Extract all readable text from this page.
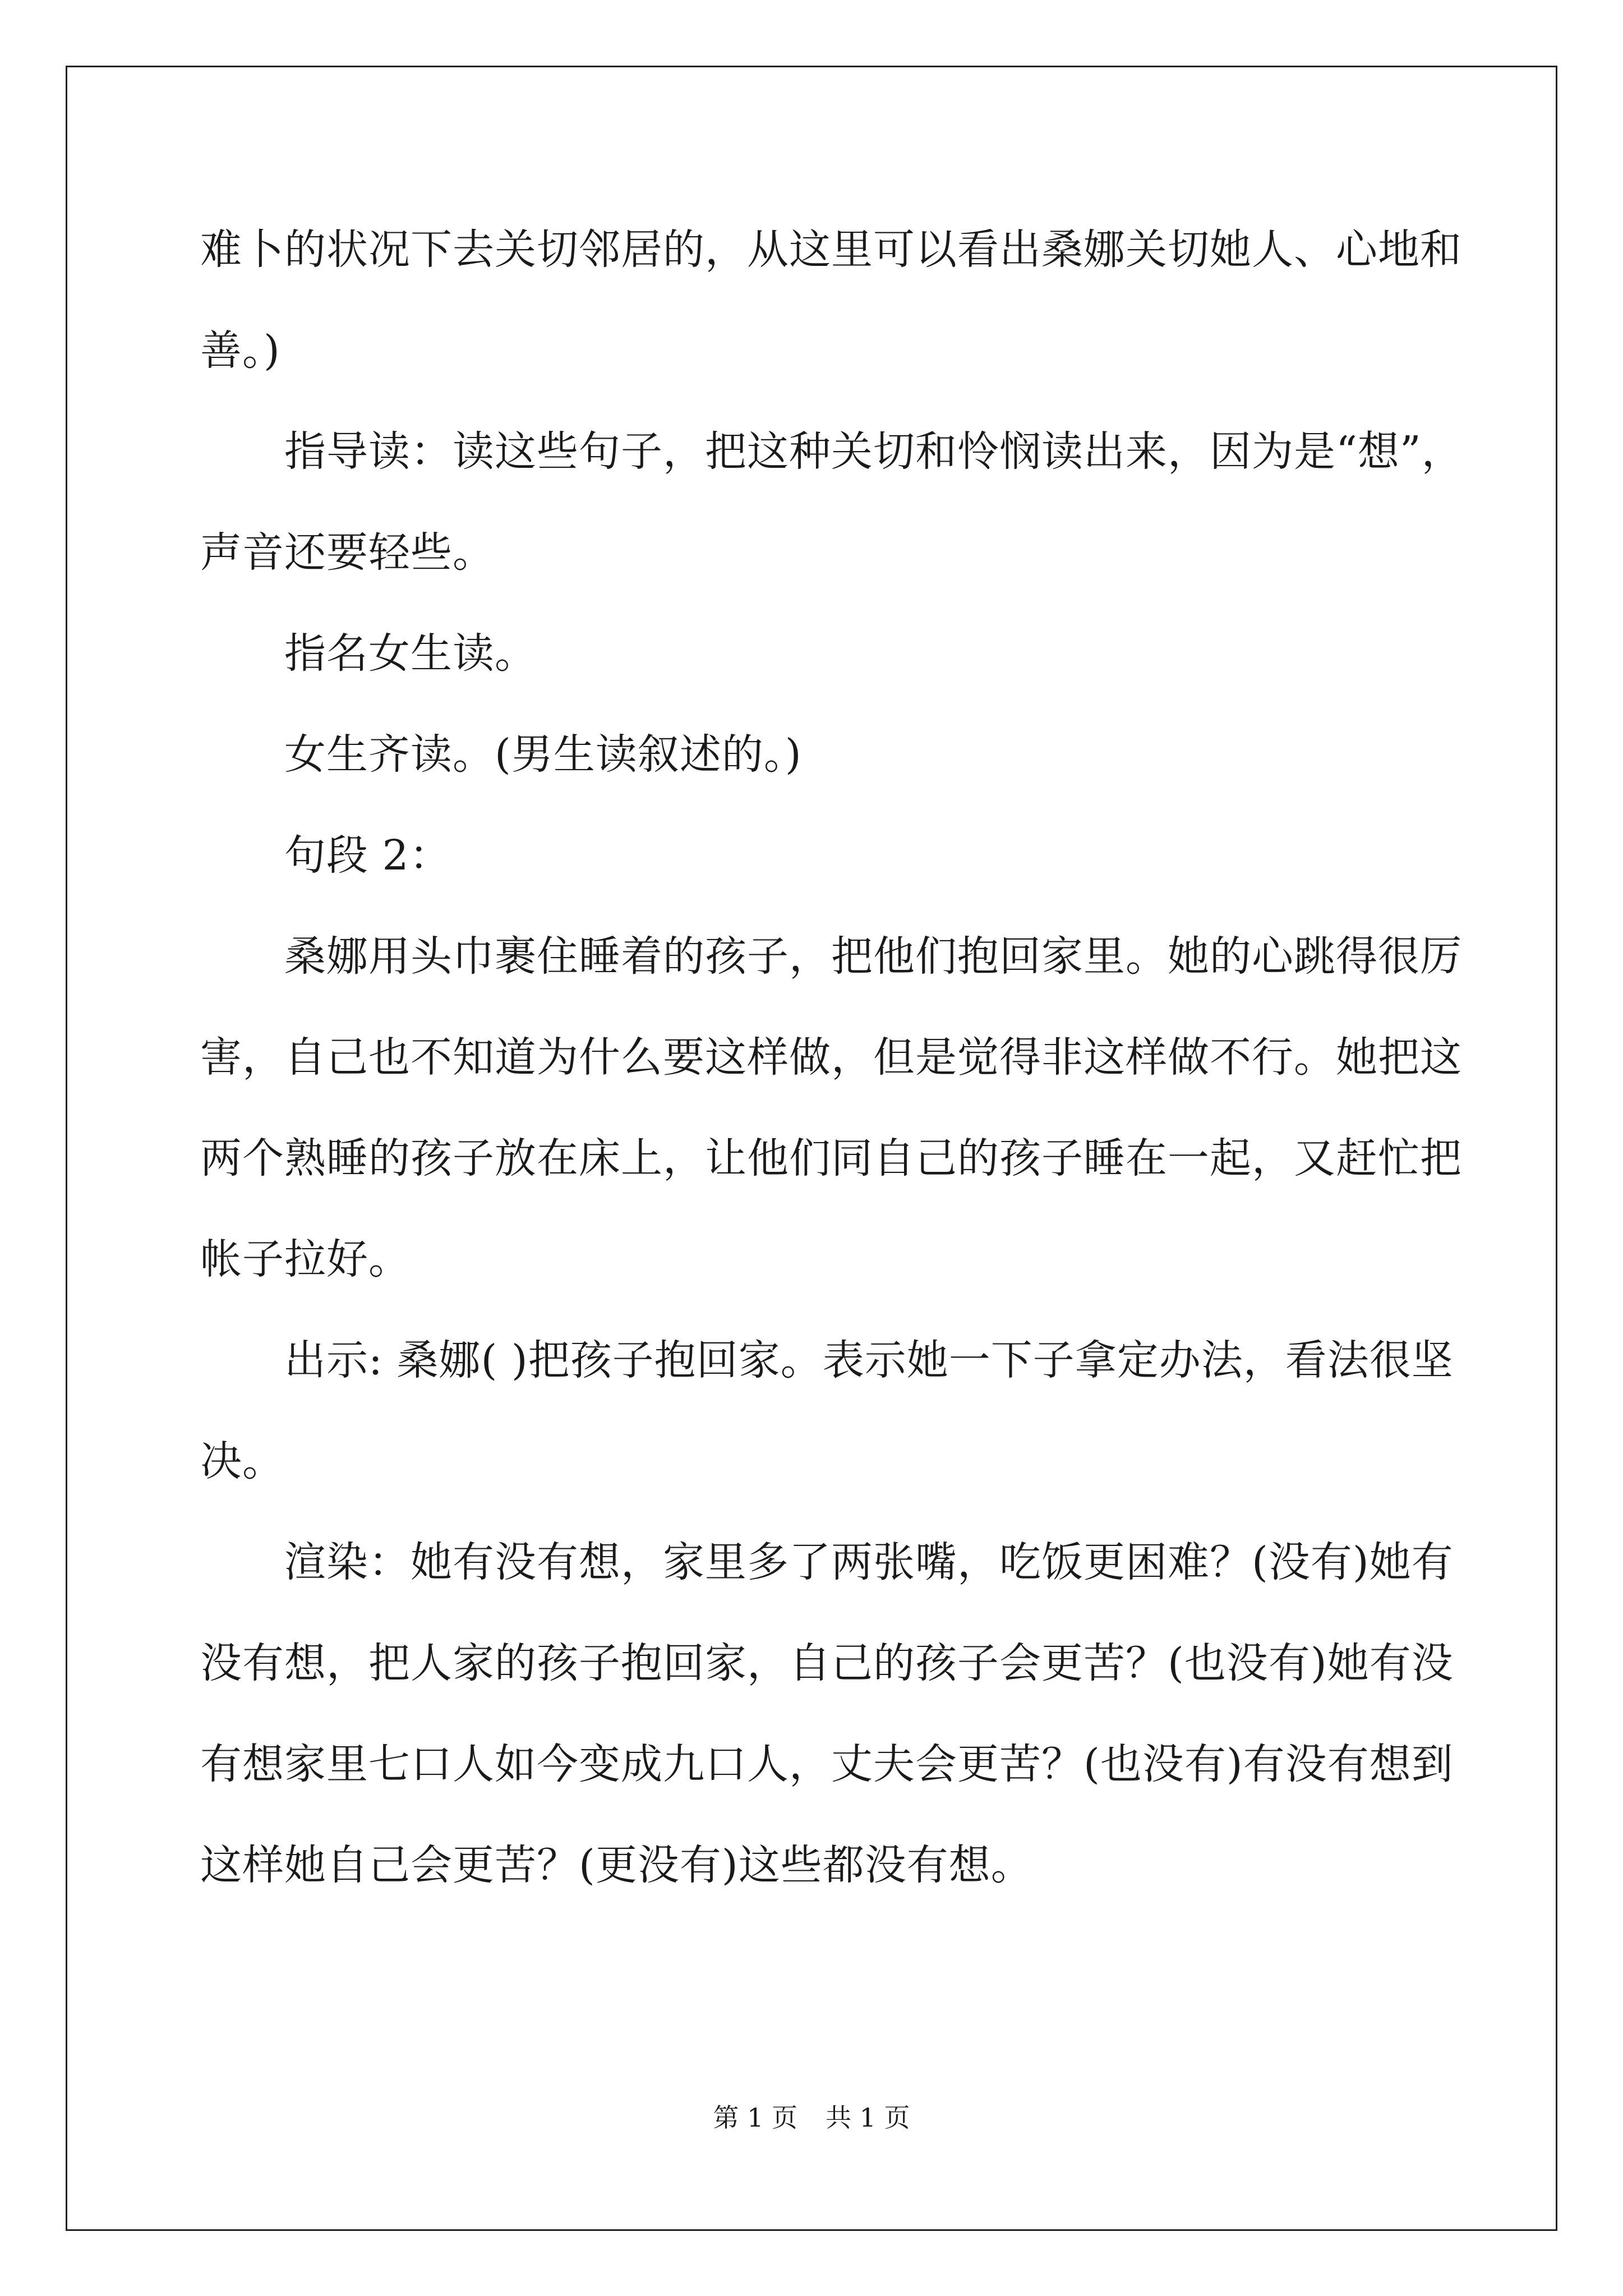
难卜的状况下去关切邻居的，从这里可以看出桑娜关切她人、心地和
善。)
指导读：读这些句子，把这种关切和怜悯读出来，因为是“想”，
声音还要轻些。
指名女生读。
女生齐读。(男生读叙述的。)
句段 2：
桑娜用头巾裹住睡着的孩子，把他们抱回家里。她的心跳得很厉
害，自己也不知道为什么要这样做，但是觉得非这样做不行。她把这
两个熟睡的孩子放在床上，让他们同自己的孩子睡在一起，又赶忙把
帐子拉好。
出示: 桑娜( )把孩子抱回家。表示她一下子拿定办法，看法很坚
决。
渲染：她有没有想，家里多了两张嘴，吃饭更困难？(没有)她有
没有想，把人家的孩子抱回家，自己的孩子会更苦？(也没有)她有没
有想家里七口人如今变成九口人，丈夫会更苦？(也没有)有没有想到
这样她自己会更苦？(更没有)这些都没有想。
第 1 页 共 1 页
